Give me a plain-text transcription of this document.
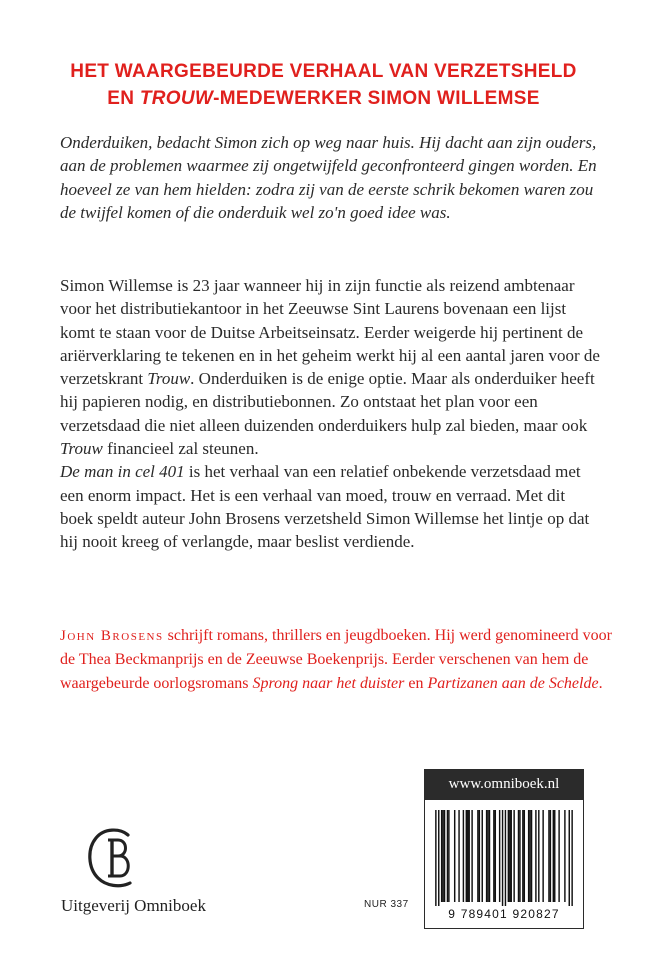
HET WAARGEBEURDE VERHAAL VAN VERZETSHELD
EN TROUW-MEDEWERKER SIMON WILLEMSE
Onderduiken, bedacht Simon zich op weg naar huis. Hij dacht aan zijn ouders, aan de problemen waarmee zij ongetwijfeld geconfronteerd gingen worden. En hoeveel ze van hem hielden: zodra zij van de eerste schrik bekomen waren zou de twijfel komen of die onderduik wel zo'n goed idee was.

Simon Willemse is 23 jaar wanneer hij in zijn functie als reizend ambtenaar voor het distributiekantoor in het Zeeuwse Sint Laurens bovenaan een lijst komt te staan voor de Duitse Arbeitseinsatz. Eerder weigerde hij pertinent de ariërverklaring te tekenen en in het geheim werkt hij al een aantal jaren voor de verzetskrant Trouw. Onderduiken is de enige optie. Maar als onderduiker heeft hij papieren nodig, en distributiebonnen. Zo ontstaat het plan voor een verzetsdaad die niet alleen duizenden onderduikers hulp zal bieden, maar ook Trouw financieel zal steunen.

De man in cel 401 is het verhaal van een relatief onbekende verzetsdaad met een enorm impact. Het is een verhaal van moed, trouw en verraad. Met dit boek speldt auteur John Brosens verzetsheld Simon Willemse het lintje op dat hij nooit kreeg of verlangde, maar beslist verdiende.

John Brosens schrijft romans, thrillers en jeugdboeken. Hij werd genomineerd voor de Thea Beckmanprijs en de Zeeuwse Boekenprijs. Eerder verschenen van hem de waargebeurde oorlogsromans Sprong naar het duister en Partizanen aan de Schelde.
Uitgeverij Omniboek	NUR 337
www.omniboek.nl
9 789401 920827
